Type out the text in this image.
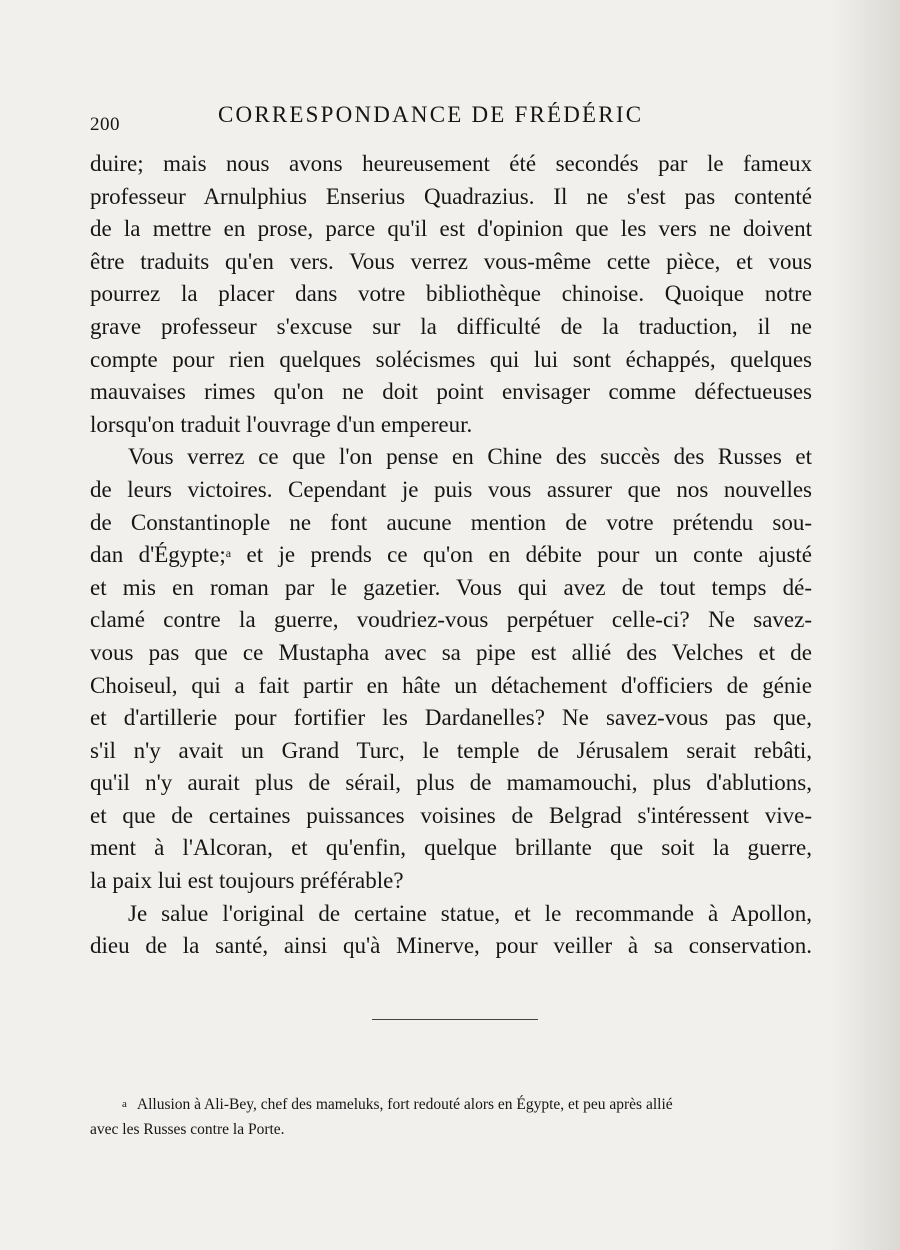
200	CORRESPONDANCE DE FRÉDÉRIC
duire; mais nous avons heureusement été secondés par le fameux
professeur Arnulphius Enserius Quadrazius. Il ne s'est pas contenté
de la mettre en prose, parce qu'il est d'opinion que les vers ne doivent
être traduits qu'en vers. Vous verrez vous-même cette pièce, et vous
pourrez la placer dans votre bibliothèque chinoise. Quoique notre
grave professeur s'excuse sur la difficulté de la traduction, il ne
compte pour rien quelques solécismes qui lui sont échappés, quelques
mauvaises rimes qu'on ne doit point envisager comme défectueuses
lorsqu'on traduit l'ouvrage d'un empereur.
Vous verrez ce que l'on pense en Chine des succès des Russes et
de leurs victoires. Cependant je puis vous assurer que nos nouvelles
de Constantinople ne font aucune mention de votre prétendu sou-
dan d'Égypte;$^a$ et je prends ce qu'on en débite pour un conte ajusté
et mis en roman par le gazetier. Vous qui avez de tout temps dé-
clamé contre la guerre, voudriez-vous perpétuer celle-ci? Ne savez-
vous pas que ce Mustapha avec sa pipe est allié des Velches et de
Choiseul, qui a fait partir en hâte un détachement d'officiers de génie
et d'artillerie pour fortifier les Dardanelles? Ne savez-vous pas que,
s'il n'y avait un Grand Turc, le temple de Jérusalem serait rebâti,
qu'il n'y aurait plus de sérail, plus de mamamouchi, plus d'ablutions,
et que de certaines puissances voisines de Belgrad s'intéressent vive-
ment à l'Alcoran, et qu'enfin, quelque brillante que soit la guerre,
la paix lui est toujours préférable?
Je salue l'original de certaine statue, et le recommande à Apollon,
dieu de la santé, ainsi qu'à Minerve, pour veiller à sa conservation.
$^a$ Allusion à Ali-Bey, chef des mameluks, fort redouté alors en Égypte, et peu après allié
avec les Russes contre la Porte.
